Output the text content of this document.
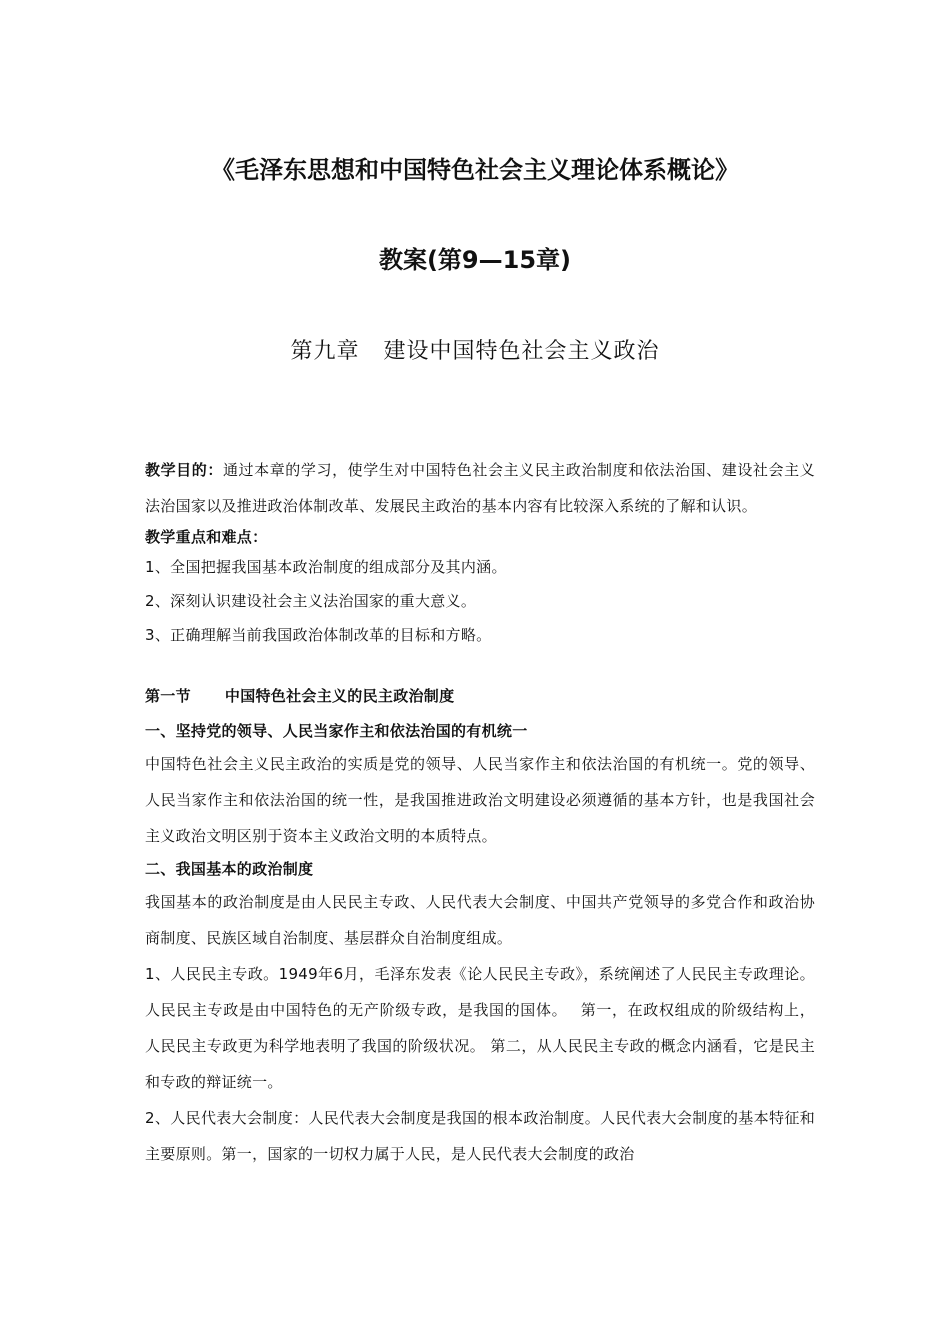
《毛泽东思想和中国特色社会主义理论体系概论》
教案(第9—15章)
第九章 建设中国特色社会主义政治

教学目的：通过本章的学习，使学生对中国特色社会主义民主政治制度和依法治国、建设社会主义法治国家以及推进政治体制改革、发展民主政治的基本内容有比较深入系统的了解和认识。

教学重点和难点：

1、全国把握我国基本政治制度的组成部分及其内涵。

2、深刻认识建设社会主义法治国家的重大意义。

3、正确理解当前我国政治体制改革的目标和方略。

第一节 中国特色社会主义的民主政治制度

一、坚持党的领导、人民当家作主和依法治国的有机统一

中国特色社会主义民主政治的实质是党的领导、人民当家作主和依法治国的有机统一。党的领导、人民当家作主和依法治国的统一性，是我国推进政治文明建设必须遵循的基本方针，也是我国社会主义政治文明区别于资本主义政治文明的本质特点。

二、我国基本的政治制度

我国基本的政治制度是由人民民主专政、人民代表大会制度、中国共产党领导的多党合作和政治协商制度、民族区域自治制度、基层群众自治制度组成。

1、人民民主专政。1949年6月，毛泽东发表《论人民民主专政》，系统阐述了人民民主专政理论。人民民主专政是由中国特色的无产阶级专政，是我国的国体。　 第一，在政权组成的阶级结构上，人民民主专政更为科学地表明了我国的阶级状况。 第二，从人民民主专政的概念内涵看，它是民主和专政的辩证统一。

2、人民代表大会制度：人民代表大会制度是我国的根本政治制度。人民代表大会制度的基本特征和主要原则。第一，国家的一切权力属于人民，是人民代表大会制度的政治
